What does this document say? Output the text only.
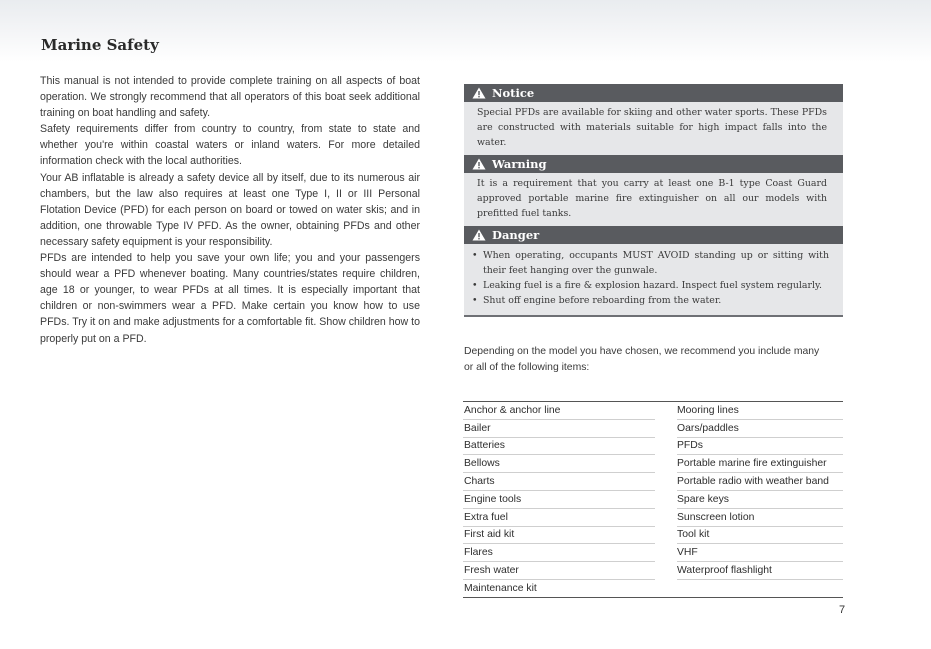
Marine Safety

This manual is not intended to provide complete training on all aspects of boat operation. We strongly recommend that all operators of this boat seek additional training on boat handling and safety.

Safety requirements differ from country to country, from state to state and whether you're within coastal waters or inland waters. For more detailed information check with the local authorities.

Your AB inflatable is already a safety device all by itself, due to its numerous air chambers, but the law also requires at least one Type I, II or III Personal Flotation Device (PFD) for each person on board or towed on water skis; and in addition, one throwable Type IV PFD. As the owner, obtaining PFDs and other necessary safety equipment is your responsibility.

PFDs are intended to help you save your own life; you and your passengers should wear a PFD whenever boating. Many countries/states require children, age 18 or younger, to wear PFDs at all times. It is especially important that children or non-swimmers wear a PFD. Make certain you know how to use PFDs. Try it on and make adjustments for a comfortable fit. Show children how to properly put on a PFD.

Notice
Special PFDs are available for skiing and other water sports. These PFDs are constructed with materials suitable for high impact falls into the water.
Warning
It is a requirement that you carry at least one B-1 type Coast Guard approved portable marine fire extinguisher on all our models with prefitted fuel tanks.
Danger
• When operating, occupants MUST AVOID standing up or sitting with their feet hanging over the gunwale.
• Leaking fuel is a fire & explosion hazard. Inspect fuel system regularly.
• Shut off engine before reboarding from the water.

Depending on the model you have chosen, we recommend you include many or all of the following items:

Anchor & anchor line		Mooring lines
Bailer		Oars/paddles
Batteries		PFDs
Bellows		Portable marine fire extinguisher
Charts		Portable radio with weather band
Engine tools		Spare keys
Extra fuel		Sunscreen lotion
First aid kit		Tool kit
Flares		VHF
Fresh water		Waterproof flashlight
Maintenance kit		
7
